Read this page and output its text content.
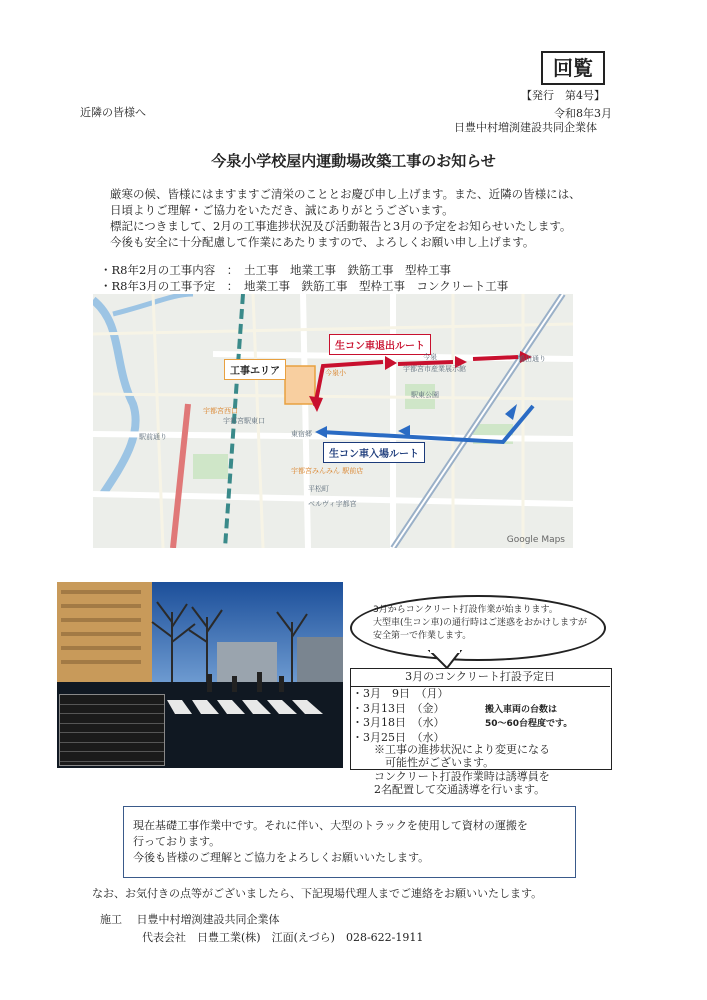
回覧
【発行　第4号】
近隣の皆様へ	令和8年3月
日豊中村増渕建設共同企業体
今泉小学校屋内運動場改築工事のお知らせ

厳寒の候、皆様にはますますご清栄のこととお慶び申し上げます。また、近隣の皆様には、

日頃よりご理解・ご協力をいただき、誠にありがとうございます。

標記につきまして、2月の工事進捗状況及び活動報告と3月の予定をお知らせいたします。

今後も安全に十分配慮して作業にあたりますので、よろしくお願い申し上げます。

・R8年2月の工事内容　：　土工事　地業工事　鉄筋工事　型枠工事

・R8年3月の工事予定　：　地業工事　鉄筋工事　型枠工事　コンクリート工事

工事エリア
生コン車退出ルート
生コン車入場ルート
宇都宮西口
宇都宮駅東口
駅前通り
今泉小
今泉
宇都宮市産業展示館
駅東公園
東宿郷
宇都宮みんみん 駅前店
ベルヴィ宇都宮
平松町
鶴田通り
Google Maps

3月からコンクリート打設作業が始まります。

大型車(生コン車)の通行時はご迷惑をおかけしますが

安全第一で作業します。

3月のコンクリート打設予定日

・3月　9日　（月）

・3月13日　（金）

・3月18日　（水）

・3月25日　（水）

搬入車両の台数は

50〜60台程度です。

※工事の進捗状況により変更になる

　可能性がございます。

コンクリート打設作業時は誘導員を

2名配置して交通誘導を行います。

現在基礎工事作業中です。それに伴い、大型のトラックを使用して資材の運搬を

行っております。

今後も皆様のご理解とご協力をよろしくお願いいたします。

なお、お気付きの点等がございましたら、下記現場代理人までご連絡をお願いいたします。
施工　 日豊中村増渕建設共同企業体
代表会社　日豊工業(株)　江面(えづら)　028-622-1911
